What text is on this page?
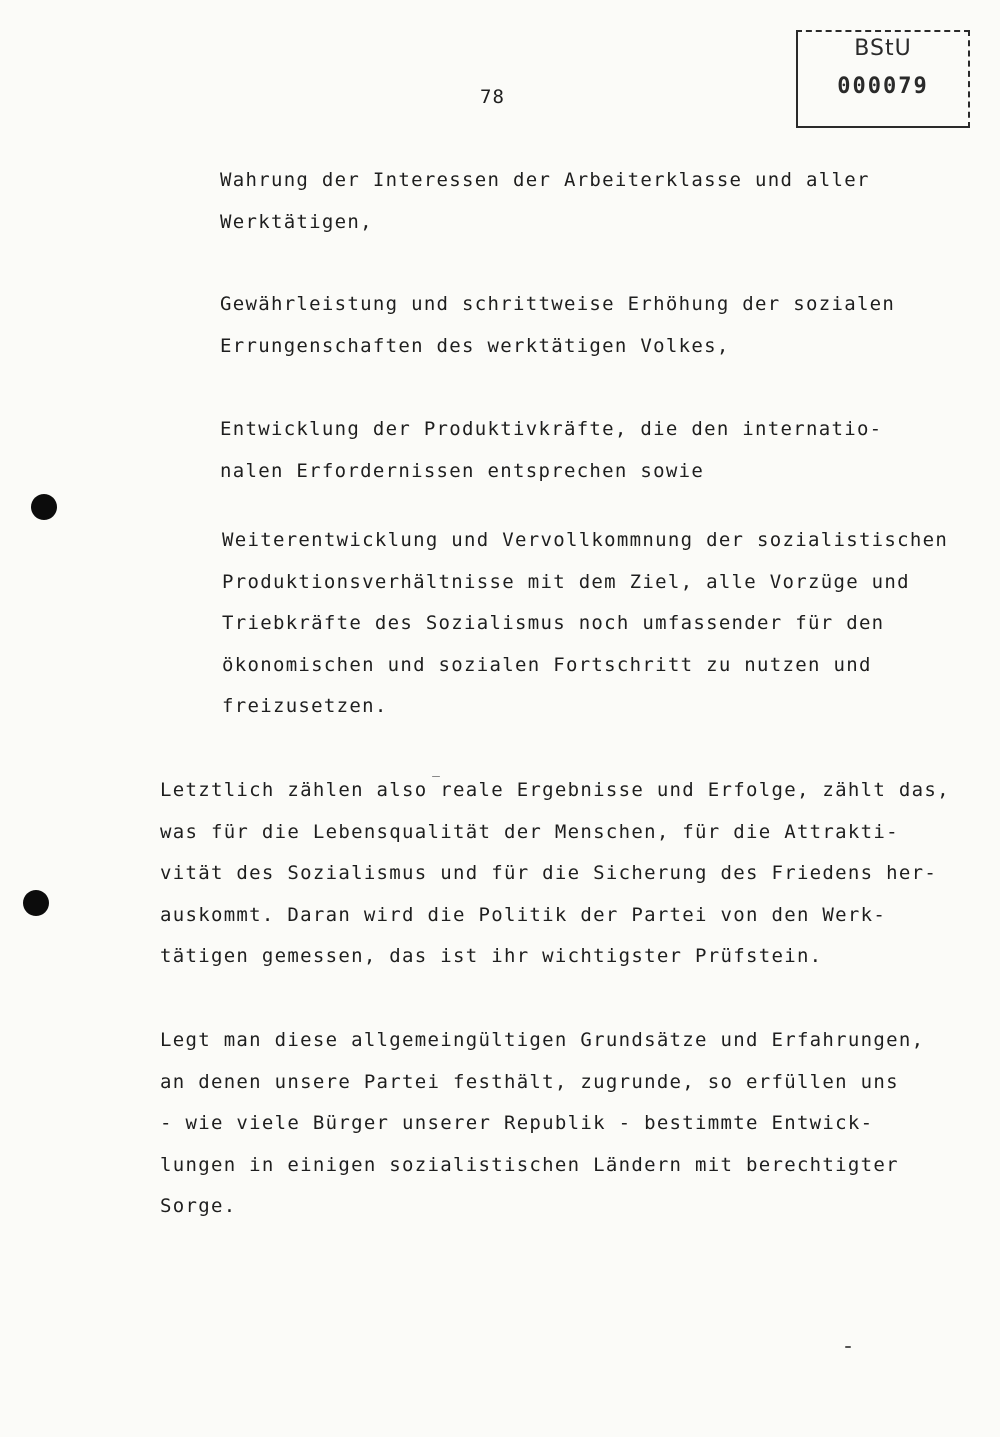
78
BStU
000079

Wahrung der Interessen der Arbeiterklasse und aller
Werktätigen,

Gewährleistung und schrittweise Erhöhung der sozialen
Errungenschaften des werktätigen Volkes,

Entwicklung der Produktivkräfte, die den internatio-
nalen Erfordernissen entsprechen sowie

Weiterentwicklung und Vervollkommnung der sozialistischen
Produktionsverhältnisse mit dem Ziel, alle Vorzüge und
Triebkräfte des Sozialismus noch umfassender für den
ökonomischen und sozialen Fortschritt zu nutzen und
freizusetzen.

Letztlich zählen also reale Ergebnisse und Erfolge, zählt das,
was für die Lebensqualität der Menschen, für die Attrakti-
vität des Sozialismus und für die Sicherung des Friedens her-
auskommt. Daran wird die Politik der Partei von den Werk-
tätigen gemessen, das ist ihr wichtigster Prüfstein.

Legt man diese allgemeingültigen Grundsätze und Erfahrungen,
an denen unsere Partei festhält, zugrunde, so erfüllen uns
- wie viele Bürger unserer Republik - bestimmte Entwick-
lungen in einigen sozialistischen Ländern mit berechtigter
Sorge.
